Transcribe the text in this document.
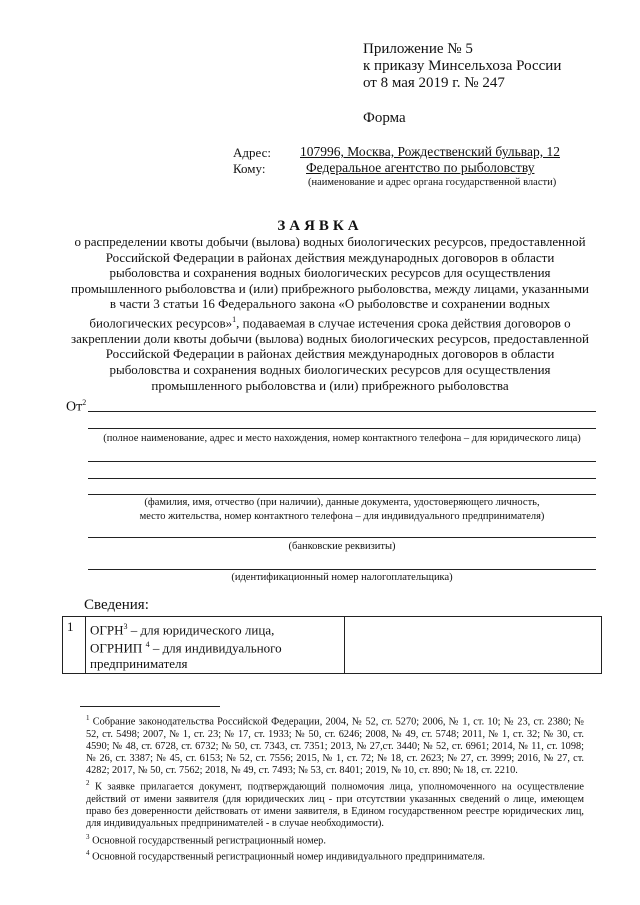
Приложение № 5
к приказу Минсельхоза России
от 8 мая 2019 г. № 247
Форма
Адрес: 107996, Москва, Рождественский бульвар, 12
Кому:	Федеральное агентство по рыболовству
(наименование и адрес органа государственной власти)
ЗАЯВКА
о распределении квоты добычи (вылова) водных биологических ресурсов, предоставленной Российской Федерации в районах действия международных договоров в области рыболовства и сохранения водных биологических ресурсов для осуществления промышленного рыболовства и (или) прибрежного рыболовства, между лицами, указанными в части 3 статьи 16 Федерального закона «О рыболовстве и сохранении водных биологических ресурсов»$^1$, подаваемая в случае истечения срока действия договоров о закреплении доли квоты добычи (вылова) водных биологических ресурсов, предоставленной Российской Федерации в районах действия международных договоров в области рыболовства и сохранения водных биологических ресурсов для осуществления промышленного рыболовства и (или) прибрежного рыболовства
$От^2$
(полное наименование, адрес и место нахождения, номер контактного телефона – для юридического лица)
(фамилия, имя, отчество (при наличии), данные документа, удостоверяющего личность,
место жительства, номер контактного телефона – для индивидуального предпринимателя)
(банковские реквизиты)
(идентификационный номер налогоплательщика)
Сведения:
1	ОГРН$^3$ – для юридического лица,
ОГРНИП $^4$ – для индивидуального предпринимателя	

$^1$ Собрание законодательства Российской Федерации, 2004, № 52, ст. 5270; 2006, № 1, ст. 10; № 23, ст. 2380; № 52, ст. 5498; 2007, № 1, ст. 23; № 17, ст. 1933; № 50, ст. 6246; 2008, № 49, ст. 5748; 2011, № 1, ст. 32; № 30, ст. 4590; № 48, ст. 6728, ст. 6732; № 50, ст. 7343, ст. 7351; 2013, № 27,ст. 3440; № 52, ст. 6961; 2014, № 11, ст. 1098; № 26, ст. 3387; № 45, ст. 6153; № 52, ст. 7556; 2015, № 1, ст. 72; № 18, ст. 2623; № 27, ст. 3999; 2016, № 27, ст. 4282; 2017, № 50, ст. 7562; 2018, № 49, ст. 7493; № 53, ст. 8401; 2019, № 10, ст. 890; № 18, ст. 2210.

$^2$ К заявке прилагается документ, подтверждающий полномочия лица, уполномоченного на осуществление действий от имени заявителя (для юридических лиц - при отсутствии указанных сведений о лице, имеющем право без доверенности действовать от имени заявителя, в Едином государственном реестре юридических лиц, для индивидуальных предпринимателей - в случае необходимости).

$^3$ Основной государственный регистрационный номер.

$^4$ Основной государственный регистрационный номер индивидуального предпринимателя.
